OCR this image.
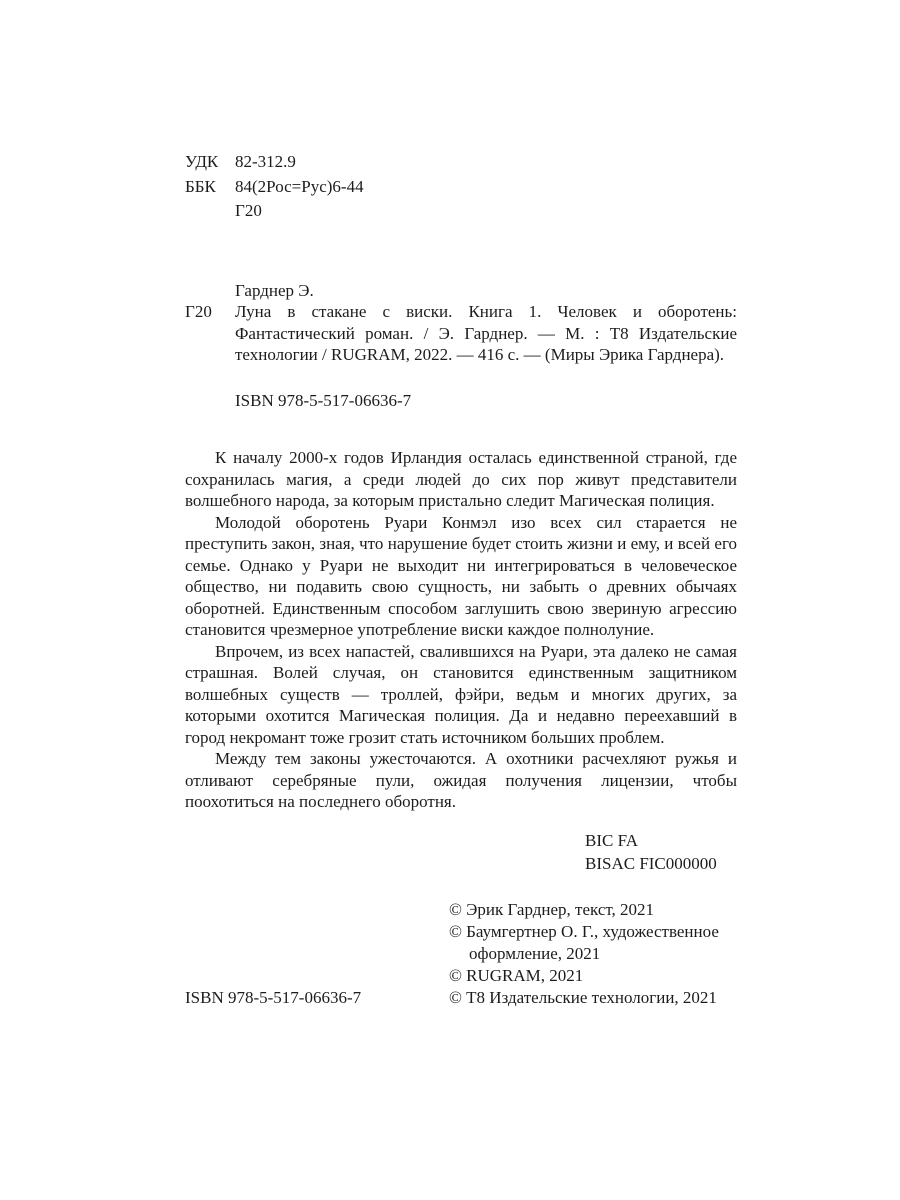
УДК 82-312.9
ББК	84(2Рос=Рус)6-44
Г20
Гарднер Э.
Г20	Луна в стакане с виски. Книга 1. Человек и оборотень: Фантастический роман. / Э. Гарднер. — М. : Т8 Издательские технологии / RUGRAM, 2022. — 416 с. — (Миры Эрика Гарднера).

ISBN 978-5-517-06636-7

К началу 2000-х годов Ирландия осталась единственной страной, где сохранилась магия, а среди людей до сих пор живут представители волшебного народа, за которым пристально следит Магическая полиция.

Молодой оборотень Руари Конмэл изо всех сил старается не преступить закон, зная, что нарушение будет стоить жизни и ему, и всей его семье. Однако у Руари не выходит ни интегрироваться в человеческое общество, ни подавить свою сущность, ни забыть о древних обычаях оборотней. Единственным способом заглушить свою звериную агрессию становится чрезмерное употребление виски каждое полнолуние.

Впрочем, из всех напастей, свалившихся на Руари, эта далеко не самая страшная. Волей случая, он становится единственным защитником волшебных существ — троллей, фэйри, ведьм и многих других, за которыми охотится Магическая полиция. Да и недавно переехавший в город некромант тоже грозит стать источником больших проблем.

Между тем законы ужесточаются. А охотники расчехляют ружья и отливают серебряные пули, ожидая получения лицензии, чтобы поохотиться на последнего оборотня.

BIC FA
BISAC FIC000000
ISBN 978-5-517-06636-7
© Эрик Гарднер, текст, 2021
© Баумгертнер О. Г., художественное оформление, 2021
© RUGRAM, 2021
© Т8 Издательские технологии, 2021
